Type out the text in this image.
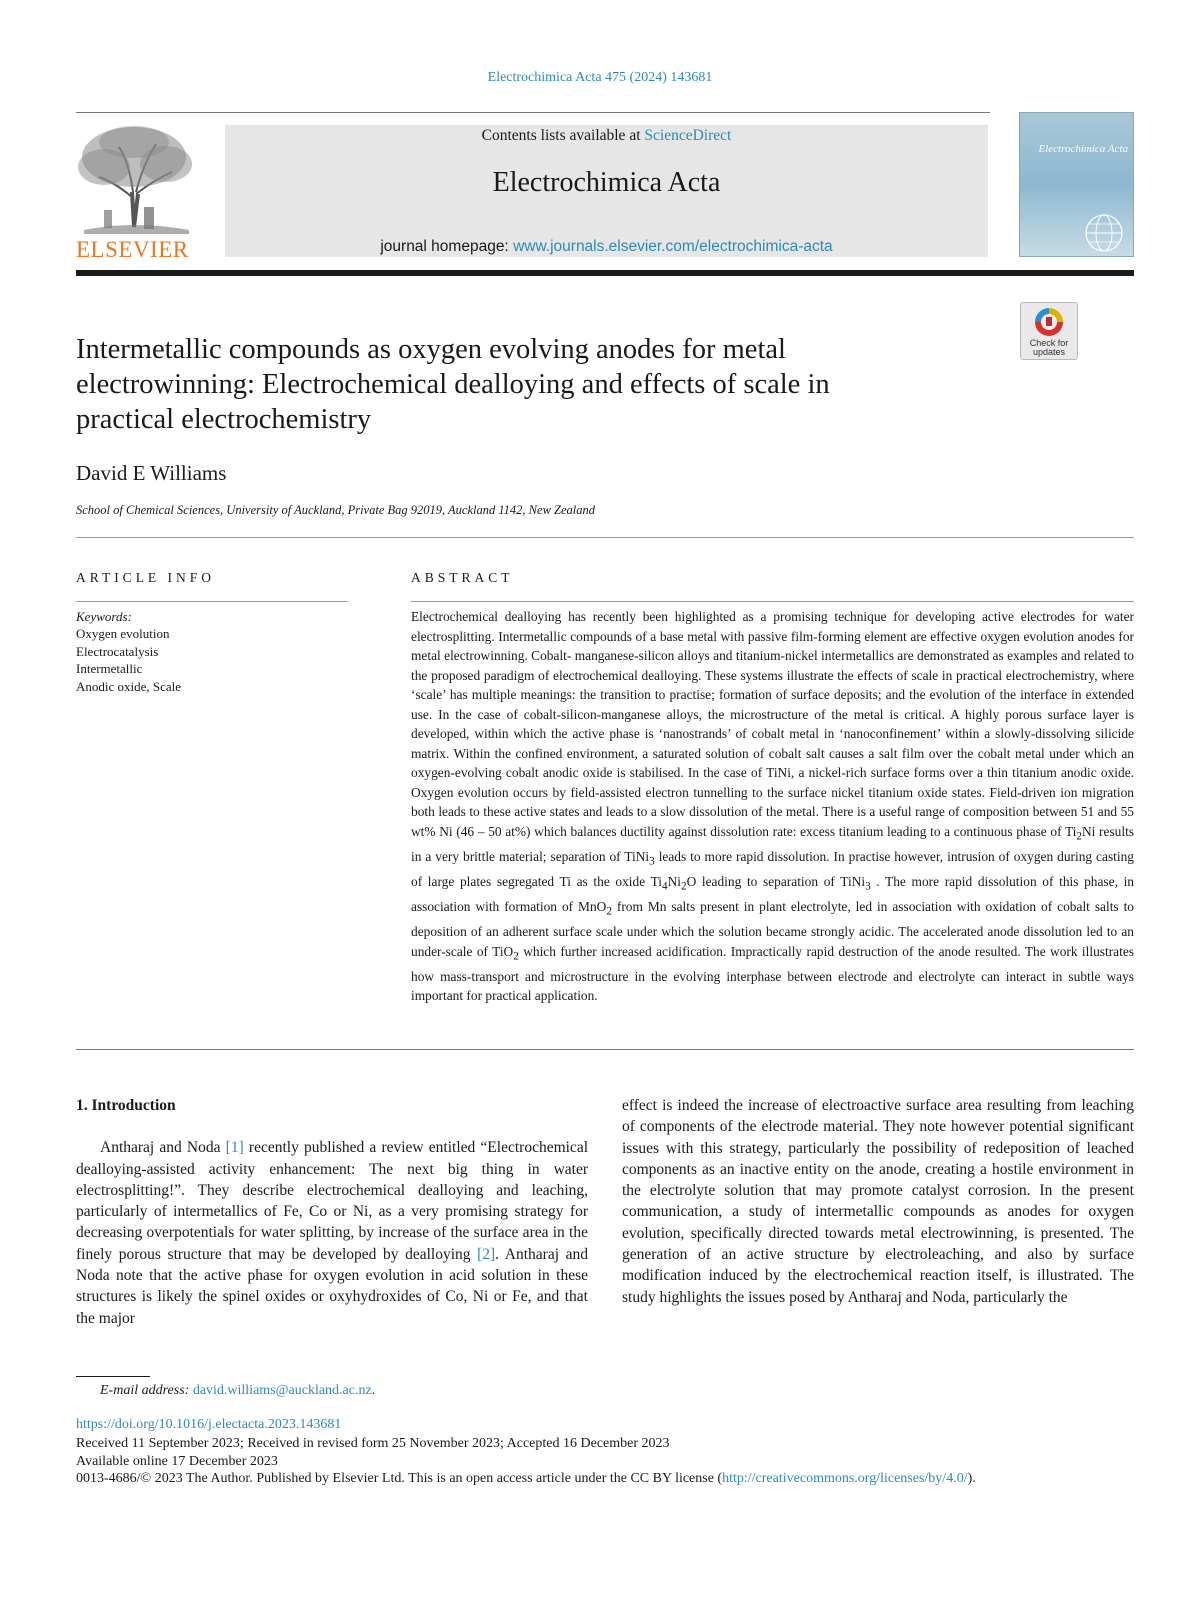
Electrochimica Acta 475 (2024) 143681
ELSEVIER
Contents lists available at ScienceDirect
Electrochimica Acta
journal homepage: www.journals.elsevier.com/electrochimica-acta
Electrochimica Acta
Check for updates
Intermetallic compounds as oxygen evolving anodes for metal electrowinning: Electrochemical dealloying and effects of scale in practical electrochemistry
David E Williams
School of Chemical Sciences, University of Auckland, Private Bag 92019, Auckland 1142, New Zealand
ARTICLE INFO
Keywords:
Oxygen evolution
Electrocatalysis
Intermetallic
Anodic oxide, Scale
ABSTRACT
Electrochemical dealloying has recently been highlighted as a promising technique for developing active electrodes for water electrosplitting. Intermetallic compounds of a base metal with passive film-forming element are effective oxygen evolution anodes for metal electrowinning. Cobalt- manganese-silicon alloys and titanium-nickel intermetallics are demonstrated as examples and related to the proposed paradigm of electrochemical dealloying. These systems illustrate the effects of scale in practical electrochemistry, where ‘scale’ has multiple meanings: the transition to practise; formation of surface deposits; and the evolution of the interface in extended use. In the case of cobalt-silicon-manganese alloys, the microstructure of the metal is critical. A highly porous surface layer is developed, within which the active phase is ‘nanostrands’ of cobalt metal in ‘nanoconfinement’ within a slowly-dissolving silicide matrix. Within the confined environment, a saturated solution of cobalt salt causes a salt film over the cobalt metal under which an oxygen-evolving cobalt anodic oxide is stabilised. In the case of TiNi, a nickel-rich surface forms over a thin titanium anodic oxide. Oxygen evolution occurs by field-assisted electron tunnelling to the surface nickel titanium oxide states. Field-driven ion migration both leads to these active states and leads to a slow dissolution of the metal. There is a useful range of composition between 51 and 55 wt% Ni (46 – 50 at%) which balances ductility against dissolution rate: excess titanium leading to a continuous phase of $Ti_2Ni$ results in a very brittle material; separation of TiNi$_3$ leads to more rapid dissolution. In practise however, intrusion of oxygen during casting of large plates segregated Ti as the oxide $Ti_4Ni_2O$ leading to separation of TiNi$_3$ . The more rapid dissolution of this phase, in association with formation of MnO$_2$ from Mn salts present in plant electrolyte, led in association with oxidation of cobalt salts to deposition of an adherent surface scale under which the solution became strongly acidic. The accelerated anode dissolution led to an under-scale of TiO$_2$ which further increased acidification. Impractically rapid destruction of the anode resulted. The work illustrates how mass-transport and microstructure in the evolving interphase between electrode and electrolyte can interact in subtle ways important for practical application.
1. Introduction
Antharaj and Noda [1] recently published a review entitled “Electrochemical dealloying-assisted activity enhancement: The next big thing in water electrosplitting!”. They describe electrochemical dealloying and leaching, particularly of intermetallics of Fe, Co or Ni, as a very promising strategy for decreasing overpotentials for water splitting, by increase of the surface area in the finely porous structure that may be developed by dealloying [2]. Antharaj and Noda note that the active phase for oxygen evolution in acid solution in these structures is likely the spinel oxides or oxyhydroxides of Co, Ni or Fe, and that the major
effect is indeed the increase of electroactive surface area resulting from leaching of components of the electrode material. They note however potential significant issues with this strategy, particularly the possibility of redeposition of leached components as an inactive entity on the anode, creating a hostile environment in the electrolyte solution that may promote catalyst corrosion. In the present communication, a study of intermetallic compounds as anodes for oxygen evolution, specifically directed towards metal electrowinning, is presented. The generation of an active structure by electroleaching, and also by surface modification induced by the electrochemical reaction itself, is illustrated. The study highlights the issues posed by Antharaj and Noda, particularly the
E-mail address: david.williams@auckland.ac.nz.
https://doi.org/10.1016/j.electacta.2023.143681
Received 11 September 2023; Received in revised form 25 November 2023; Accepted 16 December 2023
Available online 17 December 2023
0013-4686/© 2023 The Author. Published by Elsevier Ltd. This is an open access article under the CC BY license (http://creativecommons.org/licenses/by/4.0/).
